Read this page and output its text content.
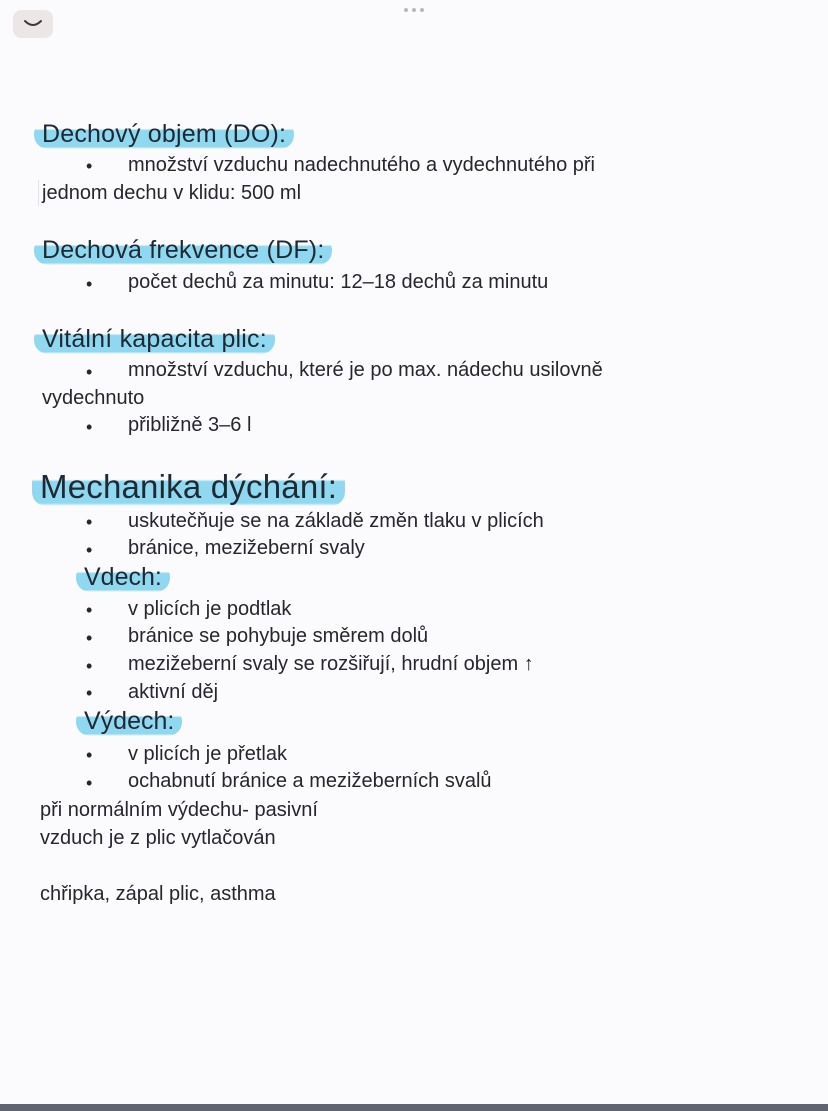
Dechový objem (DO):
• množství vzduchu nadechnutého a vydechnutého při
jednom dechu v klidu: 500 ml
Dechová frekvence (DF):
• počet dechů za minutu: 12–18 dechů za minutu
Vitální kapacita plic:
• množství vzduchu, které je po max. nádechu usilovně
vydechnuto
• přibližně 3–6 l
Mechanika dýchání:
• uskutečňuje se na základě změn tlaku v plicích
• bránice, mezižeberní svaly
Vdech:
• v plicích je podtlak
• bránice se pohybuje směrem dolů
• mezižeberní svaly se rozšiřují, hrudní objem ↑
• aktivní děj
Výdech:
• v plicích je přetlak
• ochabnutí bránice a mezižeberních svalů
při normálním výdechu- pasivní
vzduch je z plic vytlačován
chřipka, zápal plic, asthma
